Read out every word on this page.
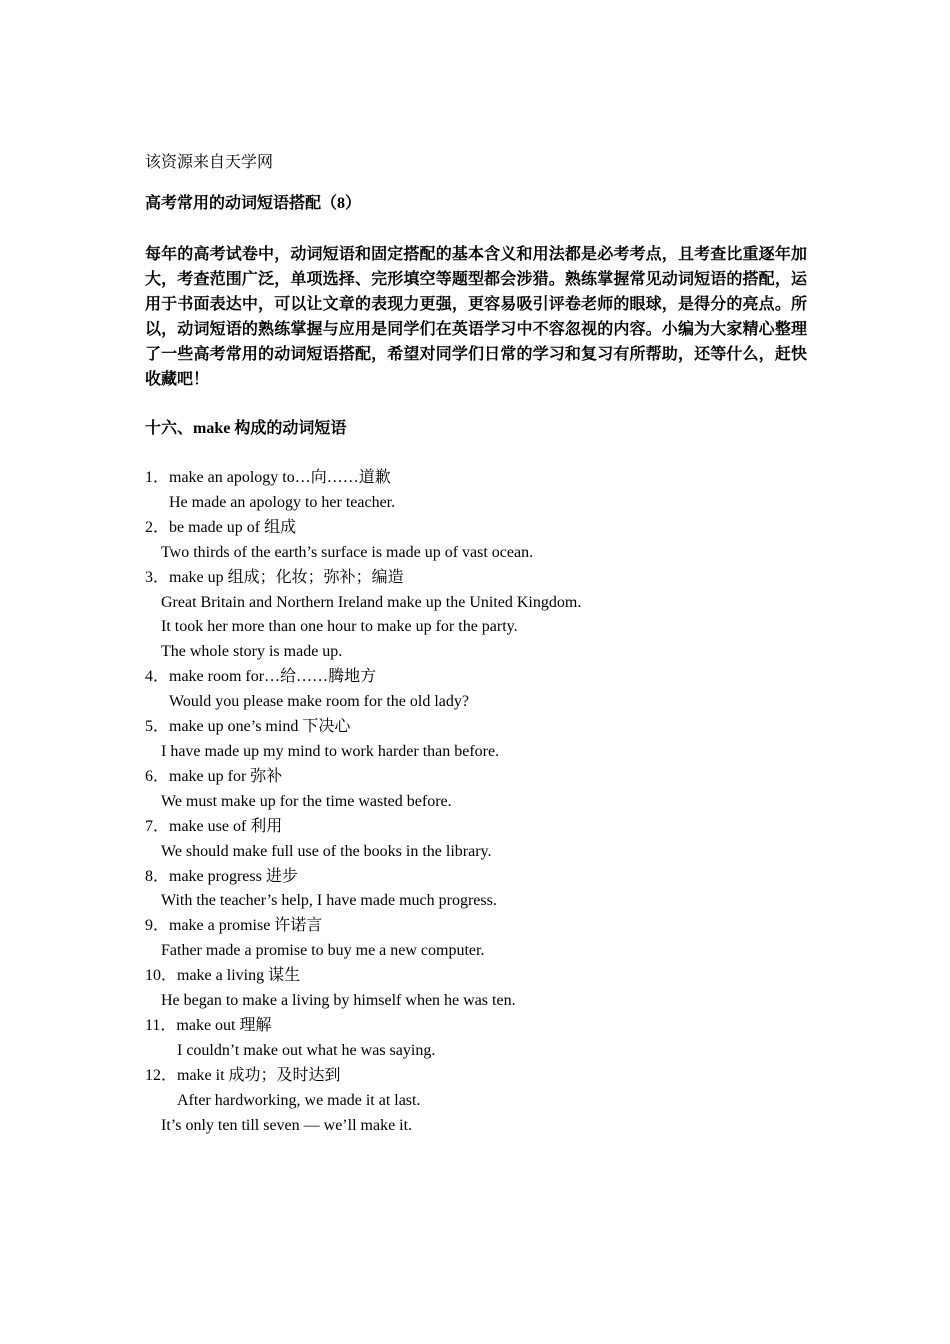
该资源来自天学网

高考常用的动词短语搭配（8）

每年的高考试卷中，动词短语和固定搭配的基本含义和用法都是必考考点，且考查比重逐年加大，考查范围广泛，单项选择、完形填空等题型都会涉猎。熟练掌握常见动词短语的搭配，运用于书面表达中，可以让文章的表现力更强，更容易吸引评卷老师的眼球，是得分的亮点。所以，动词短语的熟练掌握与应用是同学们在英语学习中不容忽视的内容。小编为大家精心整理了一些高考常用的动词短语搭配，希望对同学们日常的学习和复习有所帮助，还等什么，赶快收藏吧！

十六、make 构成的动词短语

1．make an apology to…向……道歉
He made an apology to her teacher.
2．be made up of 组成
Two thirds of the earth’s surface is made up of vast ocean.
3．make up 组成；化妆；弥补；编造
Great Britain and Northern Ireland make up the United Kingdom.
It took her more than one hour to make up for the party.
The whole story is made up.
4．make room for…给……腾地方
Would you please make room for the old lady?
5．make up one’s mind 下决心
I have made up my mind to work harder than before.
6．make up for 弥补
We must make up for the time wasted before.
7．make use of 利用
We should make full use of the books in the library.
8．make progress 进步
With the teacher’s help, I have made much progress.
9．make a promise 许诺言
Father made a promise to buy me a new computer.
10．make a living 谋生
He began to make a living by himself when he was ten.
11．make out 理解
I couldn’t make out what he was saying.
12．make it 成功；及时达到
After hardworking, we made it at last.
It’s only ten till seven — we’ll make it.
